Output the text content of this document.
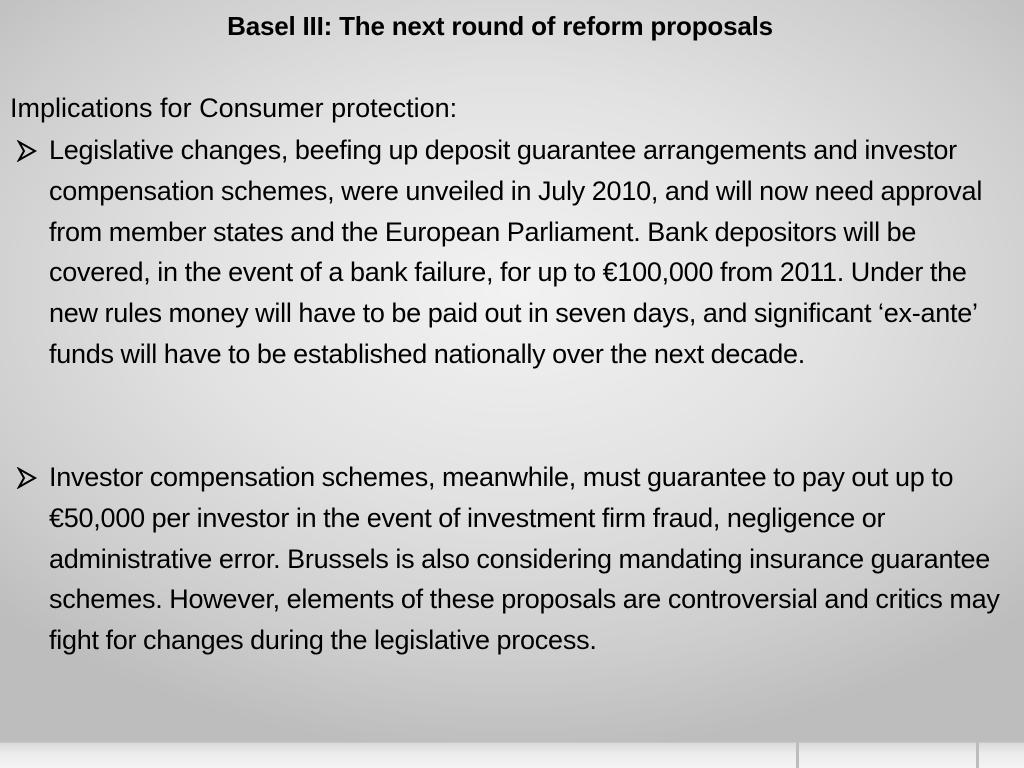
Basel III: The next round of reform proposals
Implications for Consumer protection:
Legislative changes, beefing up deposit guarantee arrangements and investor compensation schemes, were unveiled in July 2010, and will now need approval from member states and the European Parliament. Bank depositors will be covered, in the event of a bank failure, for up to €100,000 from 2011. Under the new rules money will have to be paid out in seven days, and significant ‘ex-ante’ funds will have to be established nationally over the next decade.
Investor compensation schemes, meanwhile, must guarantee to pay out up to €50,000 per investor in the event of investment firm fraud, negligence or administrative error. Brussels is also considering mandating insurance guarantee schemes. However, elements of these proposals are controversial and critics may fight for changes during the legislative process.
